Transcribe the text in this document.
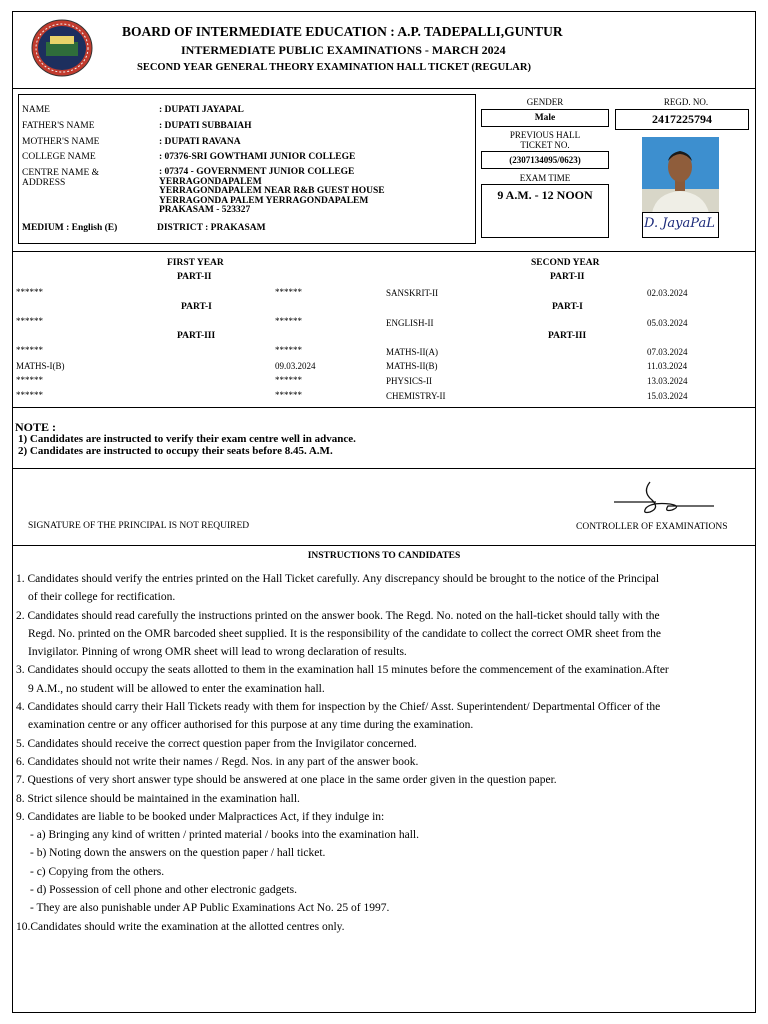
BOARD OF INTERMEDIATE EDUCATION : A.P. TADEPALLI,GUNTUR
INTERMEDIATE PUBLIC EXAMINATIONS - MARCH 2024
SECOND YEAR GENERAL THEORY EXAMINATION HALL TICKET (REGULAR)
NAME	: DUPATI JAYAPAL
FATHER'S NAME	: DUPATI SUBBAIAH
MOTHER'S NAME	: DUPATI RAVANA
COLLEGE NAME	: 07376-SRI GOWTHAMI JUNIOR COLLEGE
CENTRE NAME &
ADDRESS
: 07374 - GOVERNMENT JUNIOR COLLEGE
YERRAGONDAPALEM
YERRAGONDAPALEM NEAR R&B GUEST HOUSE
YERRAGONDA PALEM YERRAGONDAPALEM
PRAKASAM - 523327
MEDIUM : English (E)	DISTRICT : PRAKASAM
GENDER
Male
PREVIOUS HALL
TICKET NO.
(2307134095/0623)
EXAM TIME
9 A.M. - 12 NOON
REGD. NO.
2417225794
D. JayaPaL
FIRST YEAR	SECOND YEAR
PART-II	PART-II
******	******	SANSKRIT-II	02.03.2024
PART-I	PART-I
******	******	ENGLISH-II	05.03.2024
PART-III	PART-III
******	******	MATHS-II(A)	07.03.2024
MATHS-I(B)	09.03.2024	MATHS-II(B)	11.03.2024
******	******	PHYSICS-II	13.03.2024
******	******	CHEMISTRY-II	15.03.2024
NOTE :
1) Candidates are instructed to verify their exam centre well in advance.
2) Candidates are instructed to occupy their seats before 8.45. A.M.
SIGNATURE OF THE PRINCIPAL IS NOT REQUIRED	CONTROLLER OF EXAMINATIONS
INSTRUCTIONS TO CANDIDATES
1. Candidates should verify the entries printed on the Hall Ticket carefully. Any discrepancy should be brought to the notice of the Principal
of their college for rectification.
2. Candidates should read carefully the instructions printed on the answer book. The Regd. No. noted on the hall-ticket should tally with the
Regd. No. printed on the OMR barcoded sheet supplied. It is the responsibility of the candidate to collect the correct OMR sheet from the
Invigilator. Pinning of wrong OMR sheet will lead to wrong declaration of results.
3. Candidates should occupy the seats allotted to them in the examination hall 15 minutes before the commencement of the examination.After
9 A.M., no student will be allowed to enter the examination hall.
4. Candidates should carry their Hall Tickets ready with them for inspection by the Chief/ Asst. Superintendent/ Departmental Officer of the
examination centre or any officer authorised for this purpose at any time during the examination.
5. Candidates should receive the correct question paper from the Invigilator concerned.
6. Candidates should not write their names / Regd. Nos. in any part of the answer book.
7. Questions of very short answer type should be answered at one place in the same order given in the question paper.
8. Strict silence should be maintained in the examination hall.
9. Candidates are liable to be booked under Malpractices Act, if they indulge in:
- a) Bringing any kind of written / printed material / books into the examination hall.
- b) Noting down the answers on the question paper / hall ticket.
- c) Copying from the others.
- d) Possession of cell phone and other electronic gadgets.
- They are also punishable under AP Public Examinations Act No. 25 of 1997.
10.Candidates should write the examination at the allotted centres only.
